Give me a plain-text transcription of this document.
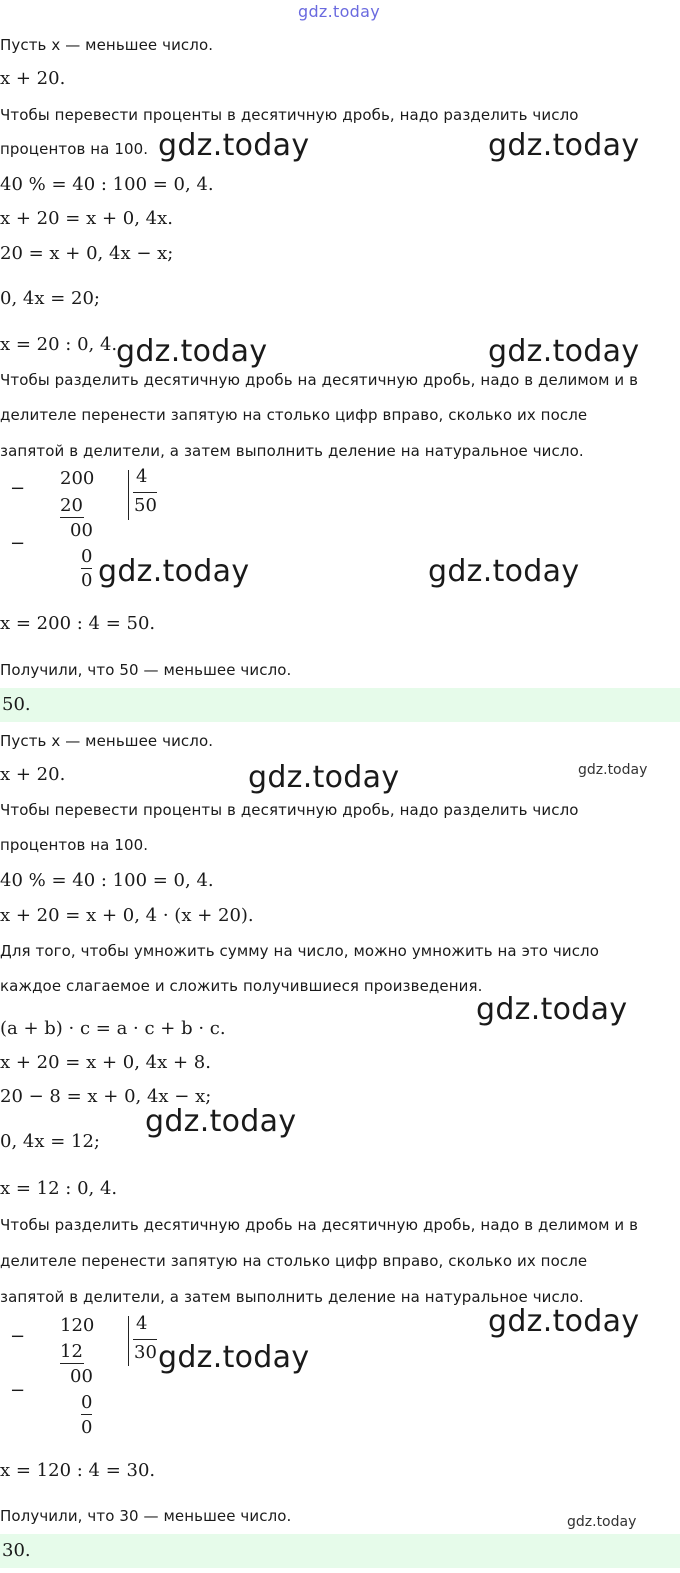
gdz.today
Пусть x — меньшее число.
x + 20.
Чтобы перевести проценты в десятичную дробь, надо разделить число
процентов на 100. gdz.today	gdz.today
40 % = 40 : 100 = 0, 4.
x + 20 = x + 0, 4x.
20 = x + 0, 4x − x;
0, 4x = 20;
x = 20 : 0, 4.
gdz.today	gdz.today
Чтобы разделить десятичную дробь на десятичную дробь, надо в делимом и в
делителе перенести запятую на столько цифр вправо, сколько их после
запятой в делители, а затем выполнить деление на натуральное число.
− 200
20
00
−
0
0
4
50
gdz.today	gdz.today
x = 200 : 4 = 50.
Получили, что 50 — меньшее число.
50.
Пусть x — меньшее число.
x + 20.	gdz.today	gdz.today
Чтобы перевести проценты в десятичную дробь, надо разделить число
процентов на 100.
40 % = 40 : 100 = 0, 4.
x + 20 = x + 0, 4 · (x + 20).
Для того, чтобы умножить сумму на число, можно умножить на это число
каждое слагаемое и сложить получившиеся произведения.
gdz.today
(a + b) · c = a · c + b · c.
x + 20 = x + 0, 4x + 8.
20 − 8 = x + 0, 4x − x;
gdz.today
0, 4x = 12;
x = 12 : 0, 4.
Чтобы разделить десятичную дробь на десятичную дробь, надо в делимом и в
делителе перенести запятую на столько цифр вправо, сколько их после
запятой в делители, а затем выполнить деление на натуральное число.
−
120
12
00
−
0
0
4
30
gdz.today
gdz.today
x = 120 : 4 = 30.
Получили, что 30 — меньшее число.	gdz.today
30.
